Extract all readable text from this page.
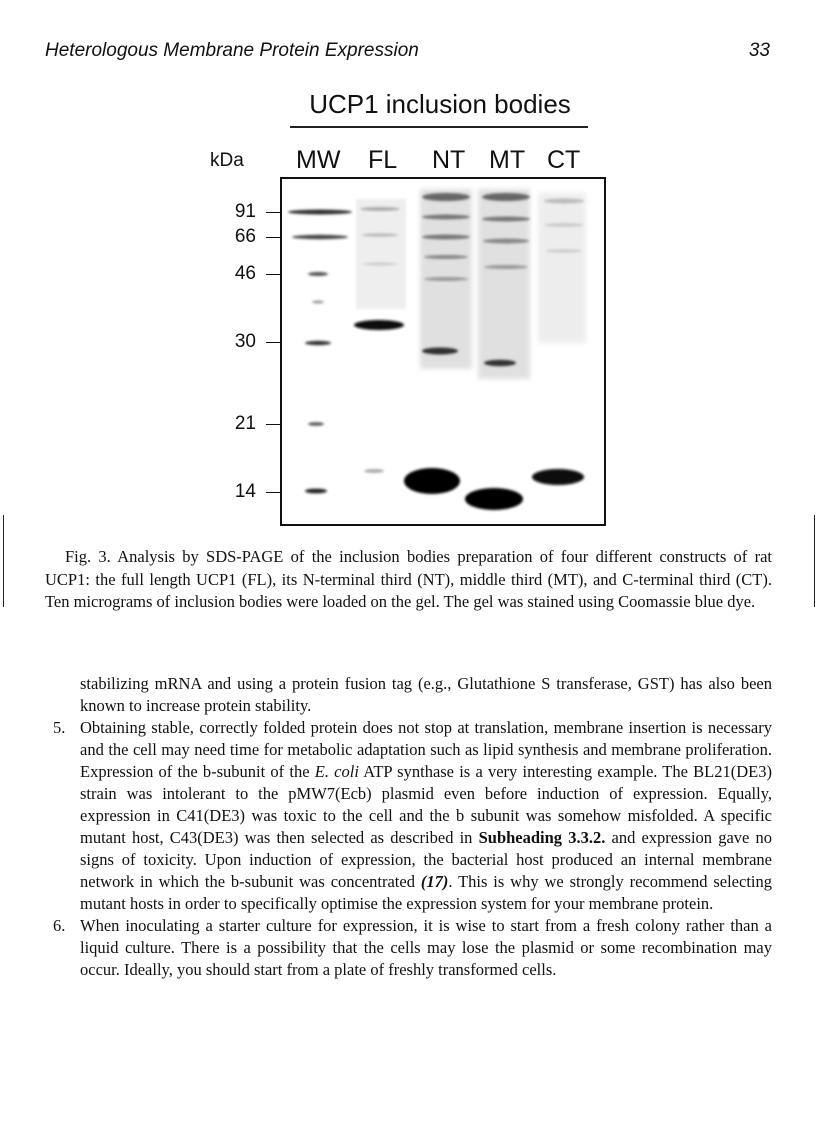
Heterologous Membrane Protein Expression	33
UCP1 inclusion bodies
kDa MW FL NT MT CT
91
66
46
30
21
14
Fig. 3. Analysis by SDS-PAGE of the inclusion bodies preparation of four different constructs of rat UCP1: the full length UCP1 (FL), its N-terminal third (NT), middle third (MT), and C-terminal third (CT). Ten micrograms of inclusion bodies were loaded on the gel. The gel was stained using Coomassie blue dye.
stabilizing mRNA and using a protein fusion tag (e.g., Glutathione S transferase, GST) has also been known to increase protein stability.
5. Obtaining stable, correctly folded protein does not stop at translation, membrane insertion is necessary and the cell may need time for metabolic adaptation such as lipid synthesis and membrane proliferation. Expression of the b-subunit of the E. coli ATP synthase is a very interesting example. The BL21(DE3) strain was intolerant to the pMW7(Ecb) plasmid even before induction of expression. Equally, expression in C41(DE3) was toxic to the cell and the b subunit was somehow misfolded. A specific mutant host, C43(DE3) was then selected as described in Subheading 3.3.2. and expression gave no signs of toxicity. Upon induction of expression, the bacterial host produced an internal membrane network in which the b-subunit was concentrated (17). This is why we strongly recommend selecting mutant hosts in order to specifically optimise the expression system for your membrane protein.
6. When inoculating a starter culture for expression, it is wise to start from a fresh colony rather than a liquid culture. There is a possibility that the cells may lose the plasmid or some recombination may occur. Ideally, you should start from a plate of freshly transformed cells.
